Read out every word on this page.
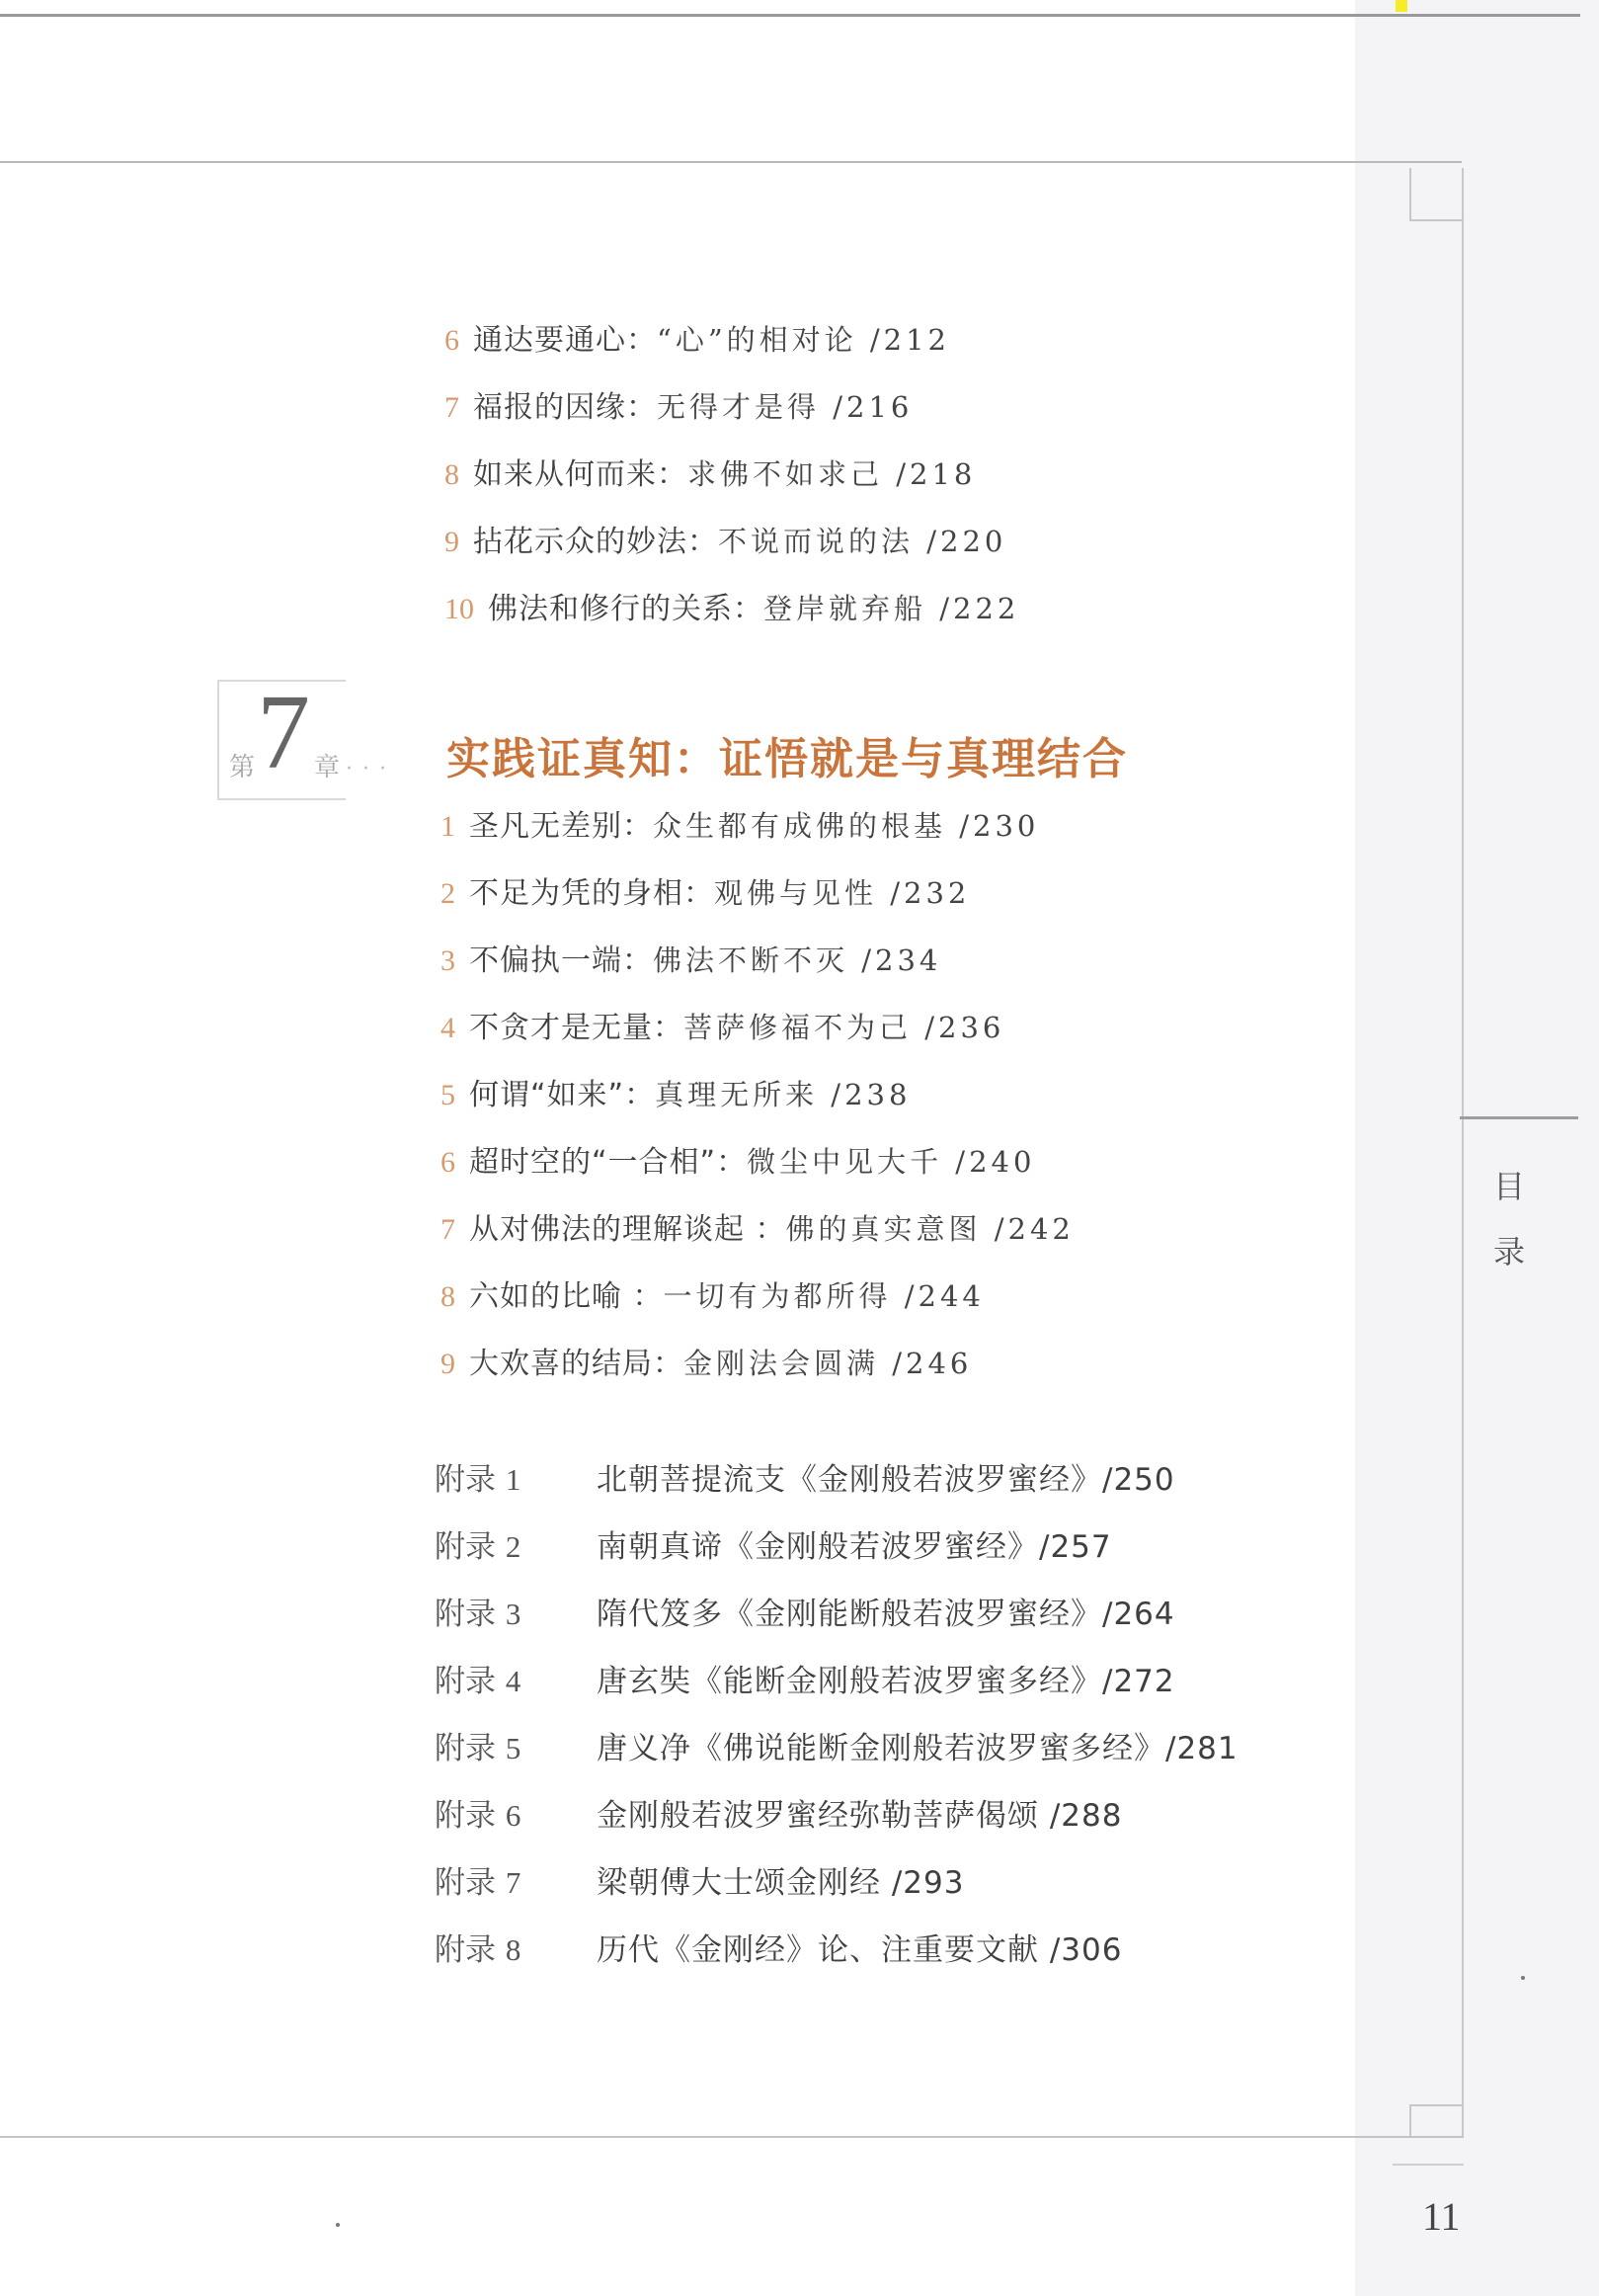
目
录
6 通达要通心：“心”的相对论 /212
7 福报的因缘：无得才是得 /216
8 如来从何而来：求佛不如求己 /218
9 拈花示众的妙法：不说而说的法 /220
10 佛法和修行的关系：登岸就弃船 /222
第 7 章 ··· 实践证真知：证悟就是与真理结合
1 圣凡无差别：众生都有成佛的根基 /230
2 不足为凭的身相：观佛与见性 /232
3 不偏执一端：佛法不断不灭 /234
4 不贪才是无量：菩萨修福不为己 /236
5 何谓“如来”：真理无所来 /238
6 超时空的“一合相”：微尘中见大千 /240
7 从对佛法的理解谈起 ：佛的真实意图 /242
8 六如的比喻 ：一切有为都所得 /244
9 大欢喜的结局：金刚法会圆满 /246
附录 1 北朝菩提流支《金刚般若波罗蜜经》/250
附录 2 南朝真谛《金刚般若波罗蜜经》/257
附录 3 隋代笈多《金刚能断般若波罗蜜经》/264
附录 4 唐玄奘《能断金刚般若波罗蜜多经》/272
附录 5 唐义净《佛说能断金刚般若波罗蜜多经》/281
附录 6 金刚般若波罗蜜经弥勒菩萨偈颂 /288
附录 7 梁朝傅大士颂金刚经 /293
附录 8 历代《金刚经》论、注重要文献 /306
11
